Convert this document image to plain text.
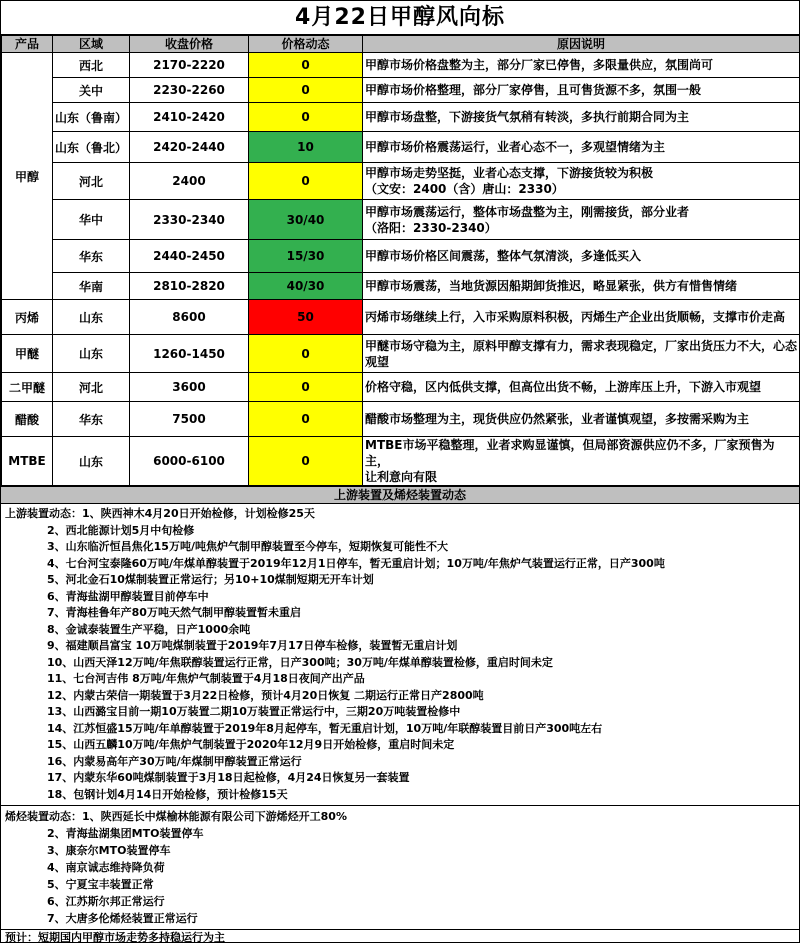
4月22日甲醇风向标
产品	区域	收盘价格	价格动态	原因说明
甲醇	西北	2170-2220	0	甲醇市场价格盘整为主，部分厂家已停售，多限量供应，氛围尚可
	关中	2230-2260	0	甲醇市场价格整理，部分厂家停售，且可售货源不多，氛围一般
	山东（鲁南）	2410-2420	0	甲醇市场盘整，下游接货气氛稍有转淡，多执行前期合同为主
	山东（鲁北）	2420-2440	10	甲醇市场价格震荡运行，业者心态不一，多观望情绪为主
	河北	2400	0	甲醇市场走势坚挺，业者心态支撑，下游接货较为积极
（文安：2400（含）唐山：2330）

	华中	2330-2340	30/40	甲醇市场震荡运行，整体市场盘整为主，刚需接货，部分业者
（洛阳：2330-2340）

	华东	2440-2450	15/30	甲醇市场价格区间震荡，整体气氛清淡，多逢低买入
	华南	2810-2820	40/30	甲醇市场震荡，当地货源因船期卸货推迟，略显紧张，供方有惜售情绪
丙烯	山东	8600	50	丙烯市场继续上行，入市采购原料积极，丙烯生产企业出货顺畅，支撑市价走高
甲醚	山东	1260-1450	0	甲醚市场守稳为主，原料甲醇支撑有力，需求表现稳定，厂家出货压力不大，心态
观望

二甲醚	河北	3600	0	价格守稳，区内低供支撑，但高位出货不畅，上游库压上升，下游入市观望
醋酸	华东	7500	0	醋酸市场整理为主，现货供应仍然紧张，业者谨慎观望，多按需采购为主
MTBE	山东	6000-6100	0	MTBE市场平稳整理，业者求购显谨慎，但局部资源供应仍不多，厂家预售为主，
让利意向有限
上游装置及烯烃装置动态
上游装置动态：1、陕西神木4月20日开始检修，计划检修25天
2、西北能源计划5月中旬检修
3、山东临沂恒昌焦化15万吨/吨焦炉气制甲醇装置至今停车，短期恢复可能性不大
4、七台河宝泰隆60万吨/年煤单醇装置于2019年12月1日停车，暂无重启计划；10万吨/年焦炉气装置运行正常，日产300吨
5、河北金石10煤制装置正常运行；另10+10煤制短期无开车计划
6、青海盐湖甲醇装置目前停车中
7、青海桂鲁年产80万吨天然气制甲醇装置暂未重启
8、金诚泰装置生产平稳，日产1000余吨
9、福建顺昌富宝 10万吨煤制装置于2019年7月17日停车检修，装置暂无重启计划
10、山西天泽12万吨/年焦联醇装置运行正常，日产300吨；30万吨/年煤单醇装置检修，重启时间未定
11、七台河吉伟 8万吨/年焦炉气制装置于4月18日夜间产出产品
12、内蒙古荣信一期装置于3月22日检修，预计4月20日恢复 二期运行正常日产2800吨
13、山西潞宝目前一期10万装置二期10万装置正常运行中，三期20万吨装置检修中
14、江苏恒盛15万吨/年单醇装置于2019年8月起停车，暂无重启计划，10万吨/年联醇装置目前日产300吨左右
15、山西五麟10万吨/年焦炉气制装置于2020年12月9日开始检修，重启时间未定
16、内蒙易高年产30万吨/年煤制甲醇装置正常运行
17、内蒙东华60吨煤制装置于3月18日起检修，4月24日恢复另一套装置
18、包钢计划4月14日开始检修，预计检修15天
烯烃装置动态：1、陕西延长中煤榆林能源有限公司下游烯烃开工80%
2、青海盐湖集团MTO装置停车
3、康奈尔MTO装置停车
4、南京诚志维持降负荷
5、宁夏宝丰装置正常
6、江苏斯尔邦正常运行
7、大唐多伦烯烃装置正常运行
预计：短期国内甲醇市场走势多持稳运行为主
